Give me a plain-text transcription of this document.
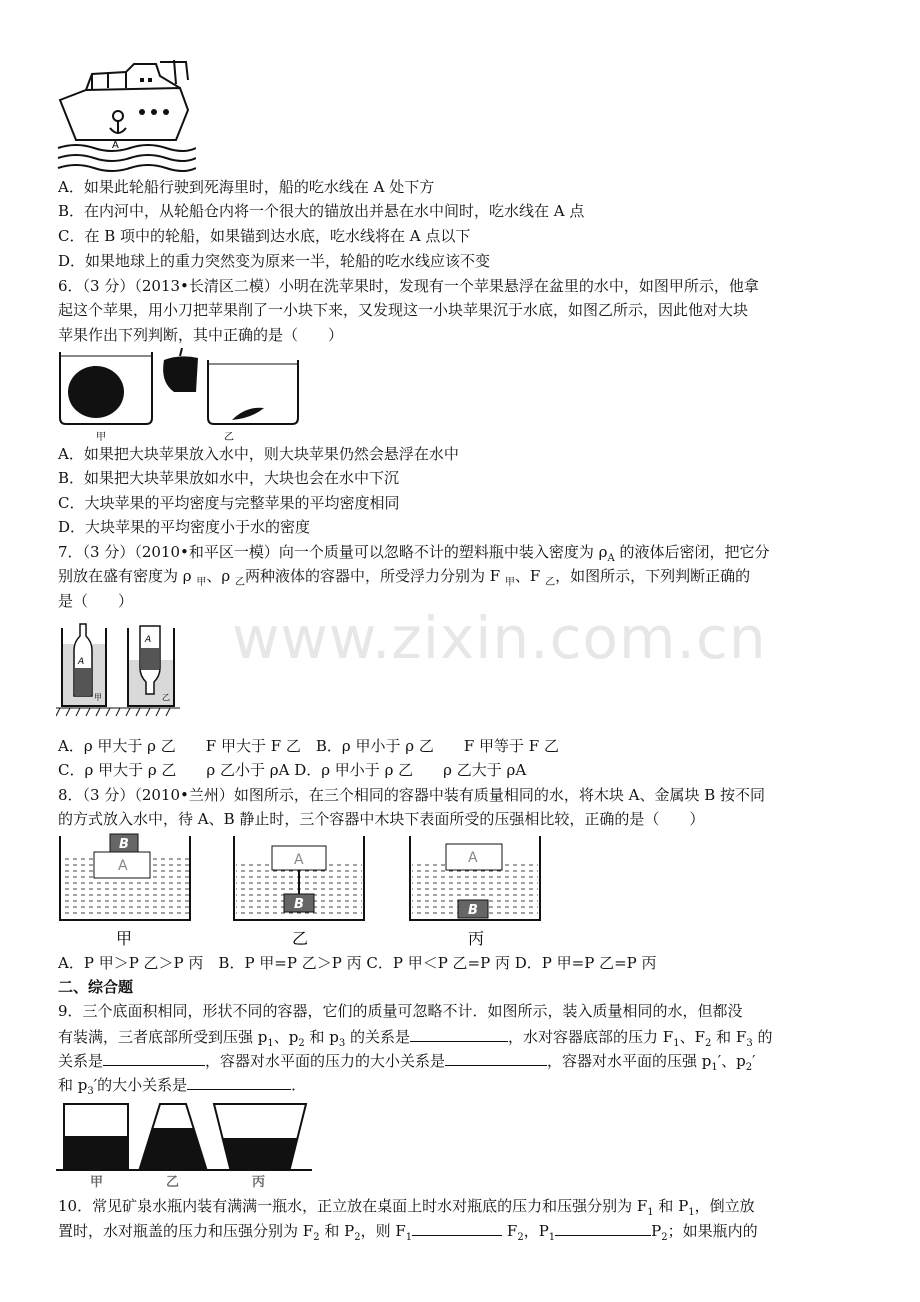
www.zixin.com.cn
A
A．如果此轮船行驶到死海里时，船的吃水线在 A 处下方
B．在内河中，从轮船仓内将一个很大的锚放出并悬在水中间时，吃水线在 A 点
C．在 B 项中的轮船，如果锚到达水底，吃水线将在 A 点以下
D．如果地球上的重力突然变为原来一半，轮船的吃水线应该不变
6．（3 分）（2013•长清区二模）小明在洗苹果时，发现有一个苹果悬浮在盆里的水中，如图甲所示，他拿
起这个苹果，用小刀把苹果削了一小块下来，又发现这一小块苹果沉于水底，如图乙所示，因此他对大块
苹果作出下列判断，其中正确的是（　　）
甲	乙
A．如果把大块苹果放入水中，则大块苹果仍然会悬浮在水中
B．如果把大块苹果放如水中，大块也会在水中下沉
C．大块苹果的平均密度与完整苹果的平均密度相同
D．大块苹果的平均密度小于水的密度
7．（3 分）（2010•和平区一模）向一个质量可以忽略不计的塑料瓶中装入密度为 $\rho_A$ 的液体后密闭，把它分
别放在盛有密度为 ρ $_甲$、ρ $_乙$两种液体的容器中，所受浮力分别为 F $_甲$、F $_乙$，如图所示，下列判断正确的
是（　　）
A
A
甲	乙
A．ρ 甲大于 ρ 乙　　F 甲大于 F 乙　B．ρ 甲小于 ρ 乙　　F 甲等于 F 乙
C．ρ 甲大于 ρ 乙　　ρ 乙小于 ρA D．ρ 甲小于 ρ 乙　　ρ 乙大于 ρA
8．（3 分）（2010•兰州）如图所示，在三个相同的容器中装有质量相同的水，将木块 A、金属块 B 按不同
的方式放入水中，待 A、B 静止时，三个容器中木块下表面所受的压强相比较，正确的是（　　）
A
B
甲
A
B
乙
A
B
丙
A．P 甲＞P 乙＞P 丙　B．P 甲=P 乙＞P 丙 C．P 甲＜P 乙=P 丙 D．P 甲=P 乙=P 丙
二、综合题
9．三个底面积相同，形状不同的容器，它们的质量可忽略不计．如图所示，装入质量相同的水，但都没
有装满，三者底部所受到压强 $p_1$、$p_2$ 和 $p_3$ 的关系是	，水对容器底部的压力 $F_1$、$F_2$ 和 $F_3$ 的
关系是	，容器对水平面的压力的大小关系是	，容器对水平面的压强 $p_1'$、$p_2'$
和 $p_3'$的大小关系是	．
甲	乙	丙
10．常见矿泉水瓶内装有满满一瓶水，正立放在桌面上时水对瓶底的压力和压强分别为 $F_1$ 和 $P_1$，倒立放
置时，水对瓶盖的压力和压强分别为 $F_2$ 和 $P_2$，则 $F_1$	$F_2$，$P_1$	$P_2$；如果瓶内的
